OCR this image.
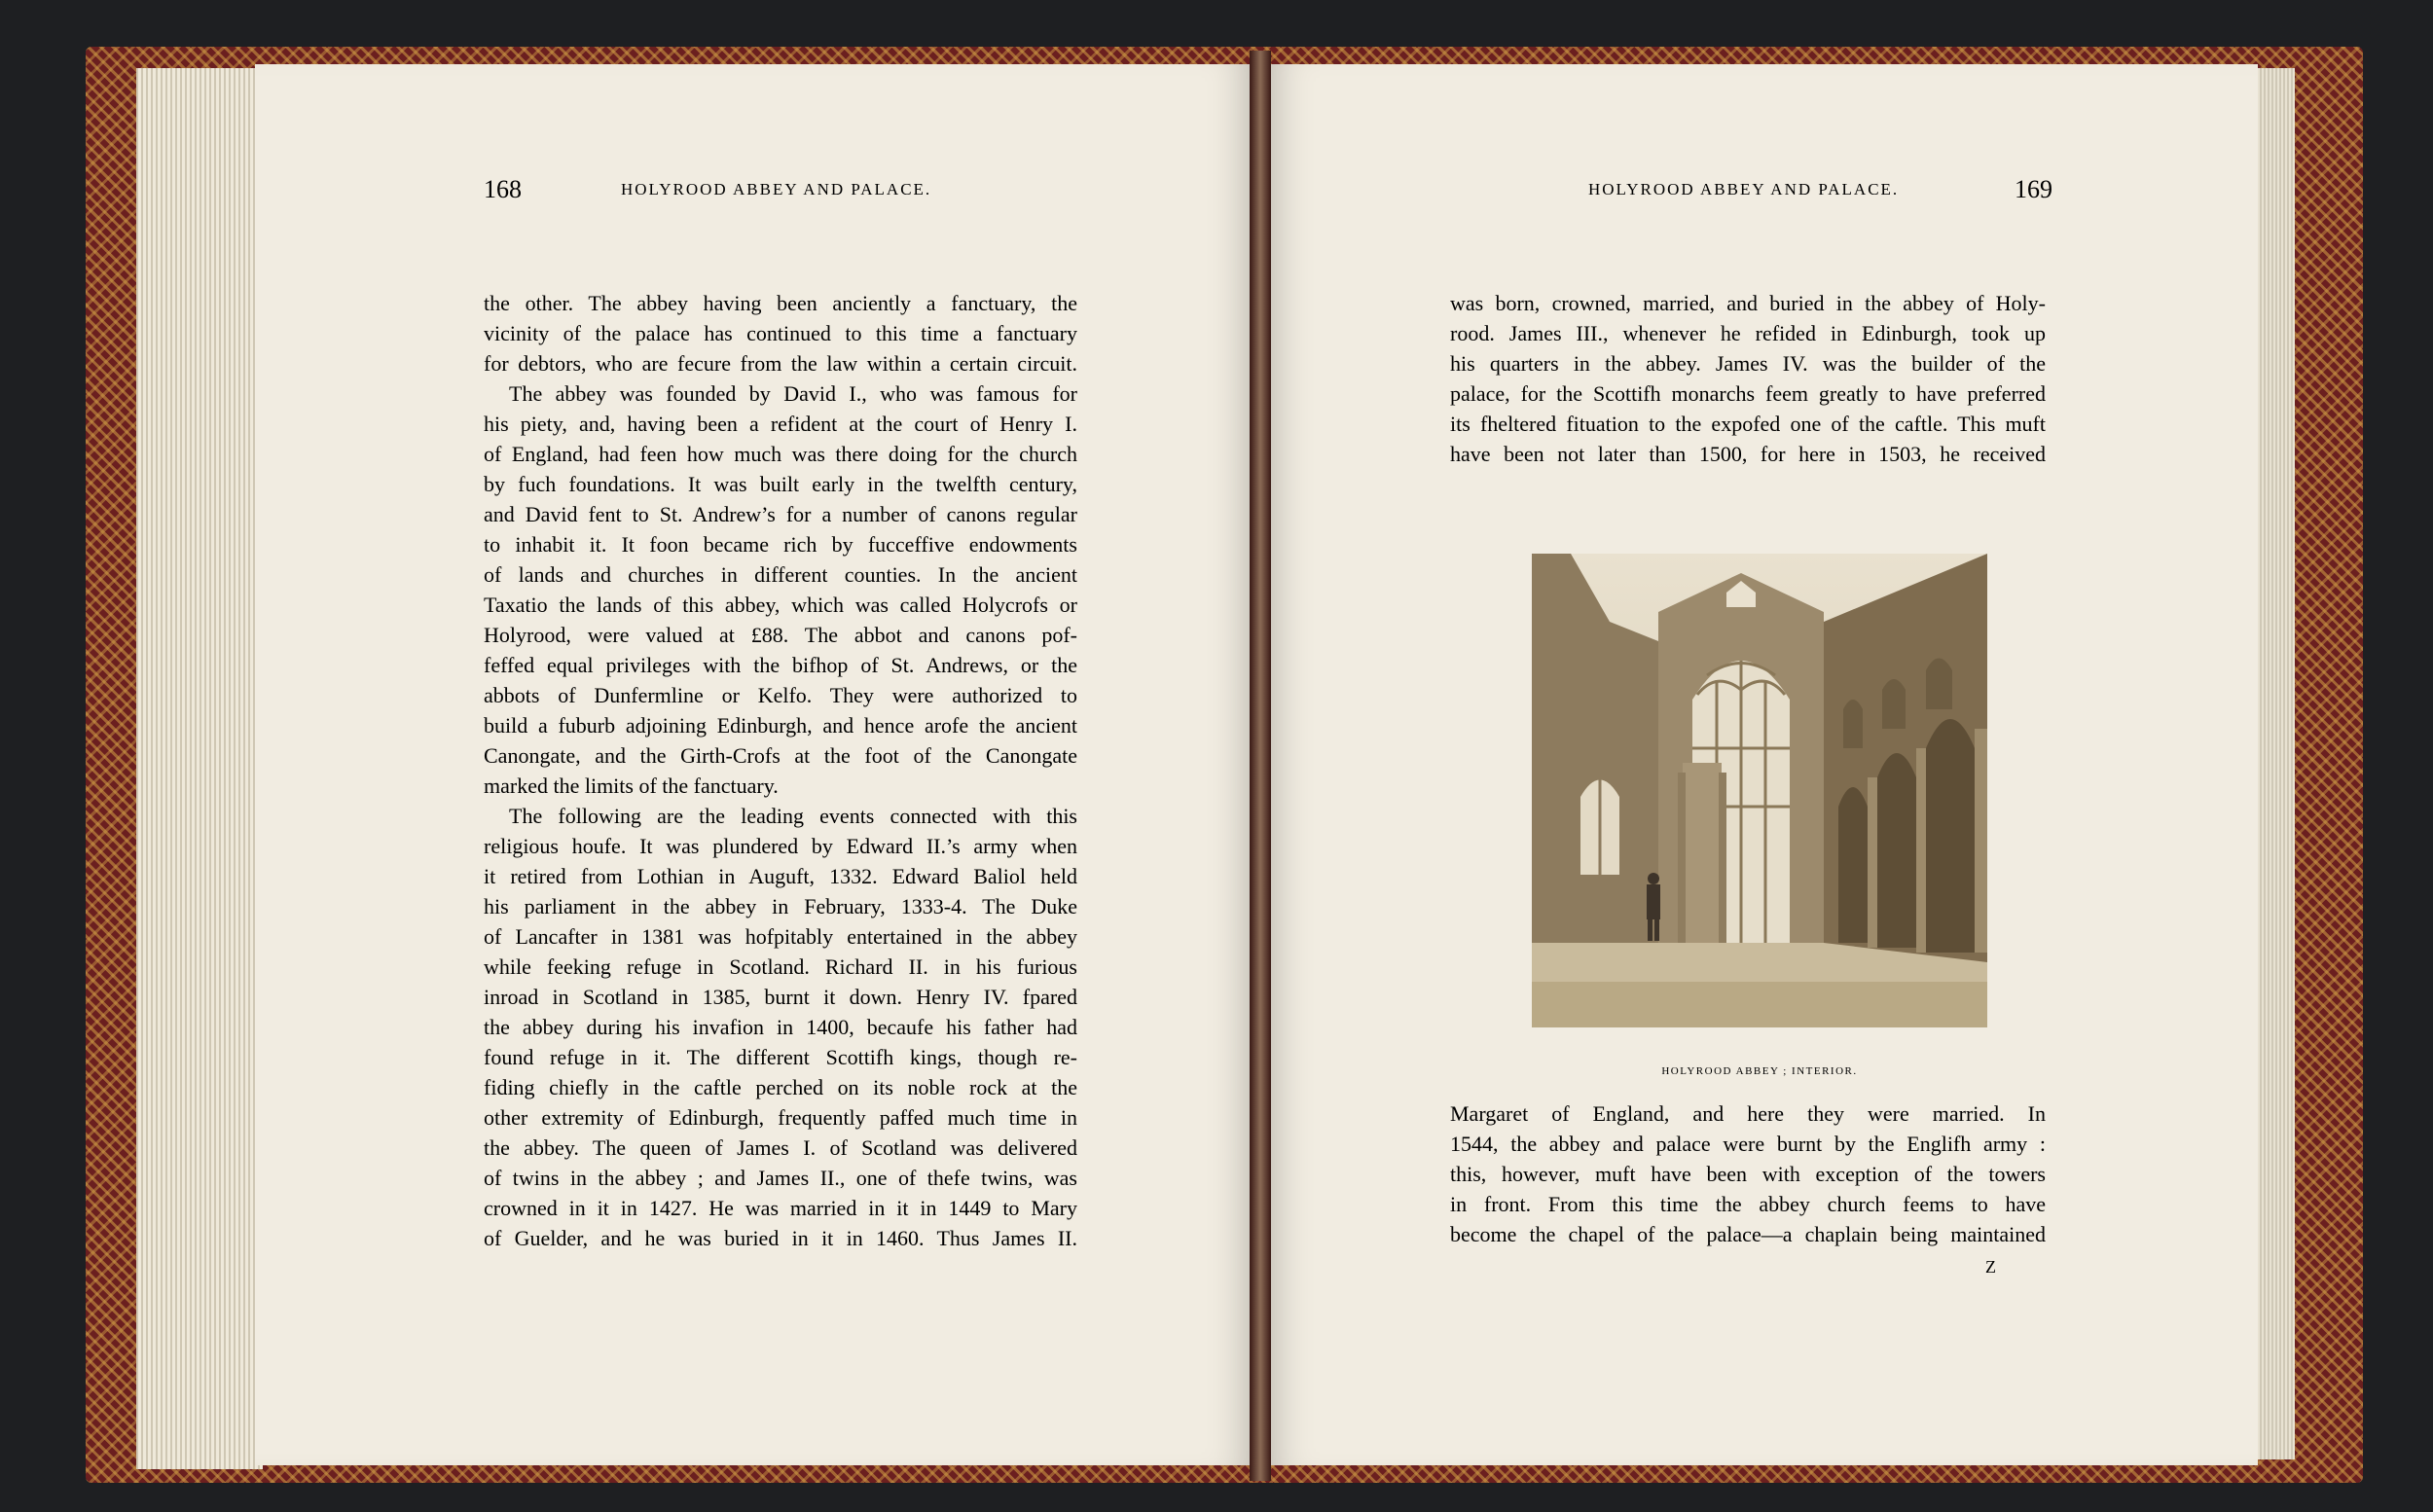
168	HOLYROOD ABBEY AND PALACE.
the other. The abbey having been anciently a fanctuary, the
vicinity of the palace has continued to this time a fanctuary
for debtors, who are fecure from the law within a certain circuit.
The abbey was founded by David I., who was famous for
his piety, and, having been a refident at the court of Henry I.
of England, had feen how much was there doing for the church
by fuch foundations. It was built early in the twelfth century,
and David fent to St. Andrew’s for a number of canons regular
to inhabit it. It foon became rich by fucceffive endowments
of lands and churches in different counties. In the ancient
Taxatio the lands of this abbey, which was called Holycrofs or
Holyrood, were valued at £88. The abbot and canons pof-
feffed equal privileges with the bifhop of St. Andrews, or the
abbots of Dunfermline or Kelfo. They were authorized to
build a fuburb adjoining Edinburgh, and hence arofe the ancient
Canongate, and the Girth-Crofs at the foot of the Canongate
marked the limits of the fanctuary.
The following are the leading events connected with this
religious houfe. It was plundered by Edward II.’s army when
it retired from Lothian in Auguft, 1332. Edward Baliol held
his parliament in the abbey in February, 1333-4. The Duke
of Lancafter in 1381 was hofpitably entertained in the abbey
while feeking refuge in Scotland. Richard II. in his furious
inroad in Scotland in 1385, burnt it down. Henry IV. fpared
the abbey during his invafion in 1400, becaufe his father had
found refuge in it. The different Scottifh kings, though re-
fiding chiefly in the caftle perched on its noble rock at the
other extremity of Edinburgh, frequently paffed much time in
the abbey. The queen of James I. of Scotland was delivered
of twins in the abbey ; and James II., one of thefe twins, was
crowned in it in 1427. He was married in it in 1449 to Mary
of Guelder, and he was buried in it in 1460. Thus James II.
HOLYROOD ABBEY AND PALACE.	169
was born, crowned, married, and buried in the abbey of Holy-
rood. James III., whenever he refided in Edinburgh, took up
his quarters in the abbey. James IV. was the builder of the
palace, for the Scottifh monarchs feem greatly to have preferred
its fheltered fituation to the expofed one of the caftle. This muft
have been not later than 1500, for here in 1503, he received
HOLYROOD ABBEY ; INTERIOR.
Margaret of England, and here they were married. In
1544, the abbey and palace were burnt by the Englifh army :
this, however, muft have been with exception of the towers
in front. From this time the abbey church feems to have
become the chapel of the palace—a chaplain being maintained
Z
